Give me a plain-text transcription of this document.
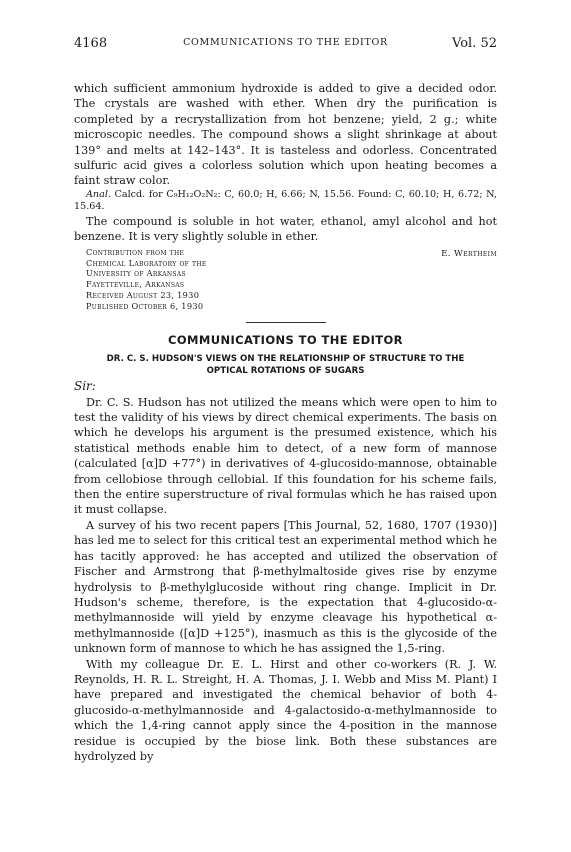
4168	COMMUNICATIONS TO THE EDITOR	Vol. 52

which sufficient ammonium hydroxide is added to give a decided odor. The crystals are washed with ether. When dry the purification is completed by a recrystallization from hot benzene; yield, 2 g.; white microscopic needles. The compound shows a slight shrinkage at about 139° and melts at 142–143°. It is tasteless and odorless. Concentrated sulfuric acid gives a colorless solution which upon heating becomes a faint straw color.

Anal. Calcd. for C₉H₁₂O₂N₂: C, 60.0; H, 6.66; N, 15.56. Found: C, 60.10; H, 6.72; N, 15.64.

The compound is soluble in hot water, ethanol, amyl alcohol and hot benzene. It is very slightly soluble in ether.

Contribution from the
Chemical Laboratory of the
University of Arkansas
Fayetteville, Arkansas
Received August 23, 1930
Published October 6, 1930
E. Wertheim
COMMUNICATIONS TO THE EDITOR
DR. C. S. HUDSON'S VIEWS ON THE RELATIONSHIP OF STRUCTURE TO THE
OPTICAL ROTATIONS OF SUGARS

Sir:

Dr. C. S. Hudson has not utilized the means which were open to him to test the validity of his views by direct chemical experiments. The basis on which he develops his argument is the presumed existence, which his statistical methods enable him to detect, of a new form of mannose (calculated [α]D +77°) in derivatives of 4-glucosido-mannose, obtainable from cellobiose through cellobial. If this foundation for his scheme fails, then the entire superstructure of rival formulas which he has raised upon it must collapse.

A survey of his two recent papers [This Journal, 52, 1680, 1707 (1930)] has led me to select for this critical test an experimental method which he has tacitly approved: he has accepted and utilized the observation of Fischer and Armstrong that β-methylmaltoside gives rise by enzyme hydrolysis to β-methylglucoside without ring change. Implicit in Dr. Hudson's scheme, therefore, is the expectation that 4-glucosido-α-methylmannoside will yield by enzyme cleavage his hypothetical α-methylmannoside ([α]D +125°), inasmuch as this is the glycoside of the unknown form of mannose to which he has assigned the 1,5-ring.

With my colleague Dr. E. L. Hirst and other co-workers (R. J. W. Reynolds, H. R. L. Streight, H. A. Thomas, J. I. Webb and Miss M. Plant) I have prepared and investigated the chemical behavior of both 4-glucosido-α-methylmannoside and 4-galactosido-α-methylmannoside to which the 1,4-ring cannot apply since the 4-position in the mannose residue is occupied by the biose link. Both these substances are hydrolyzed by
